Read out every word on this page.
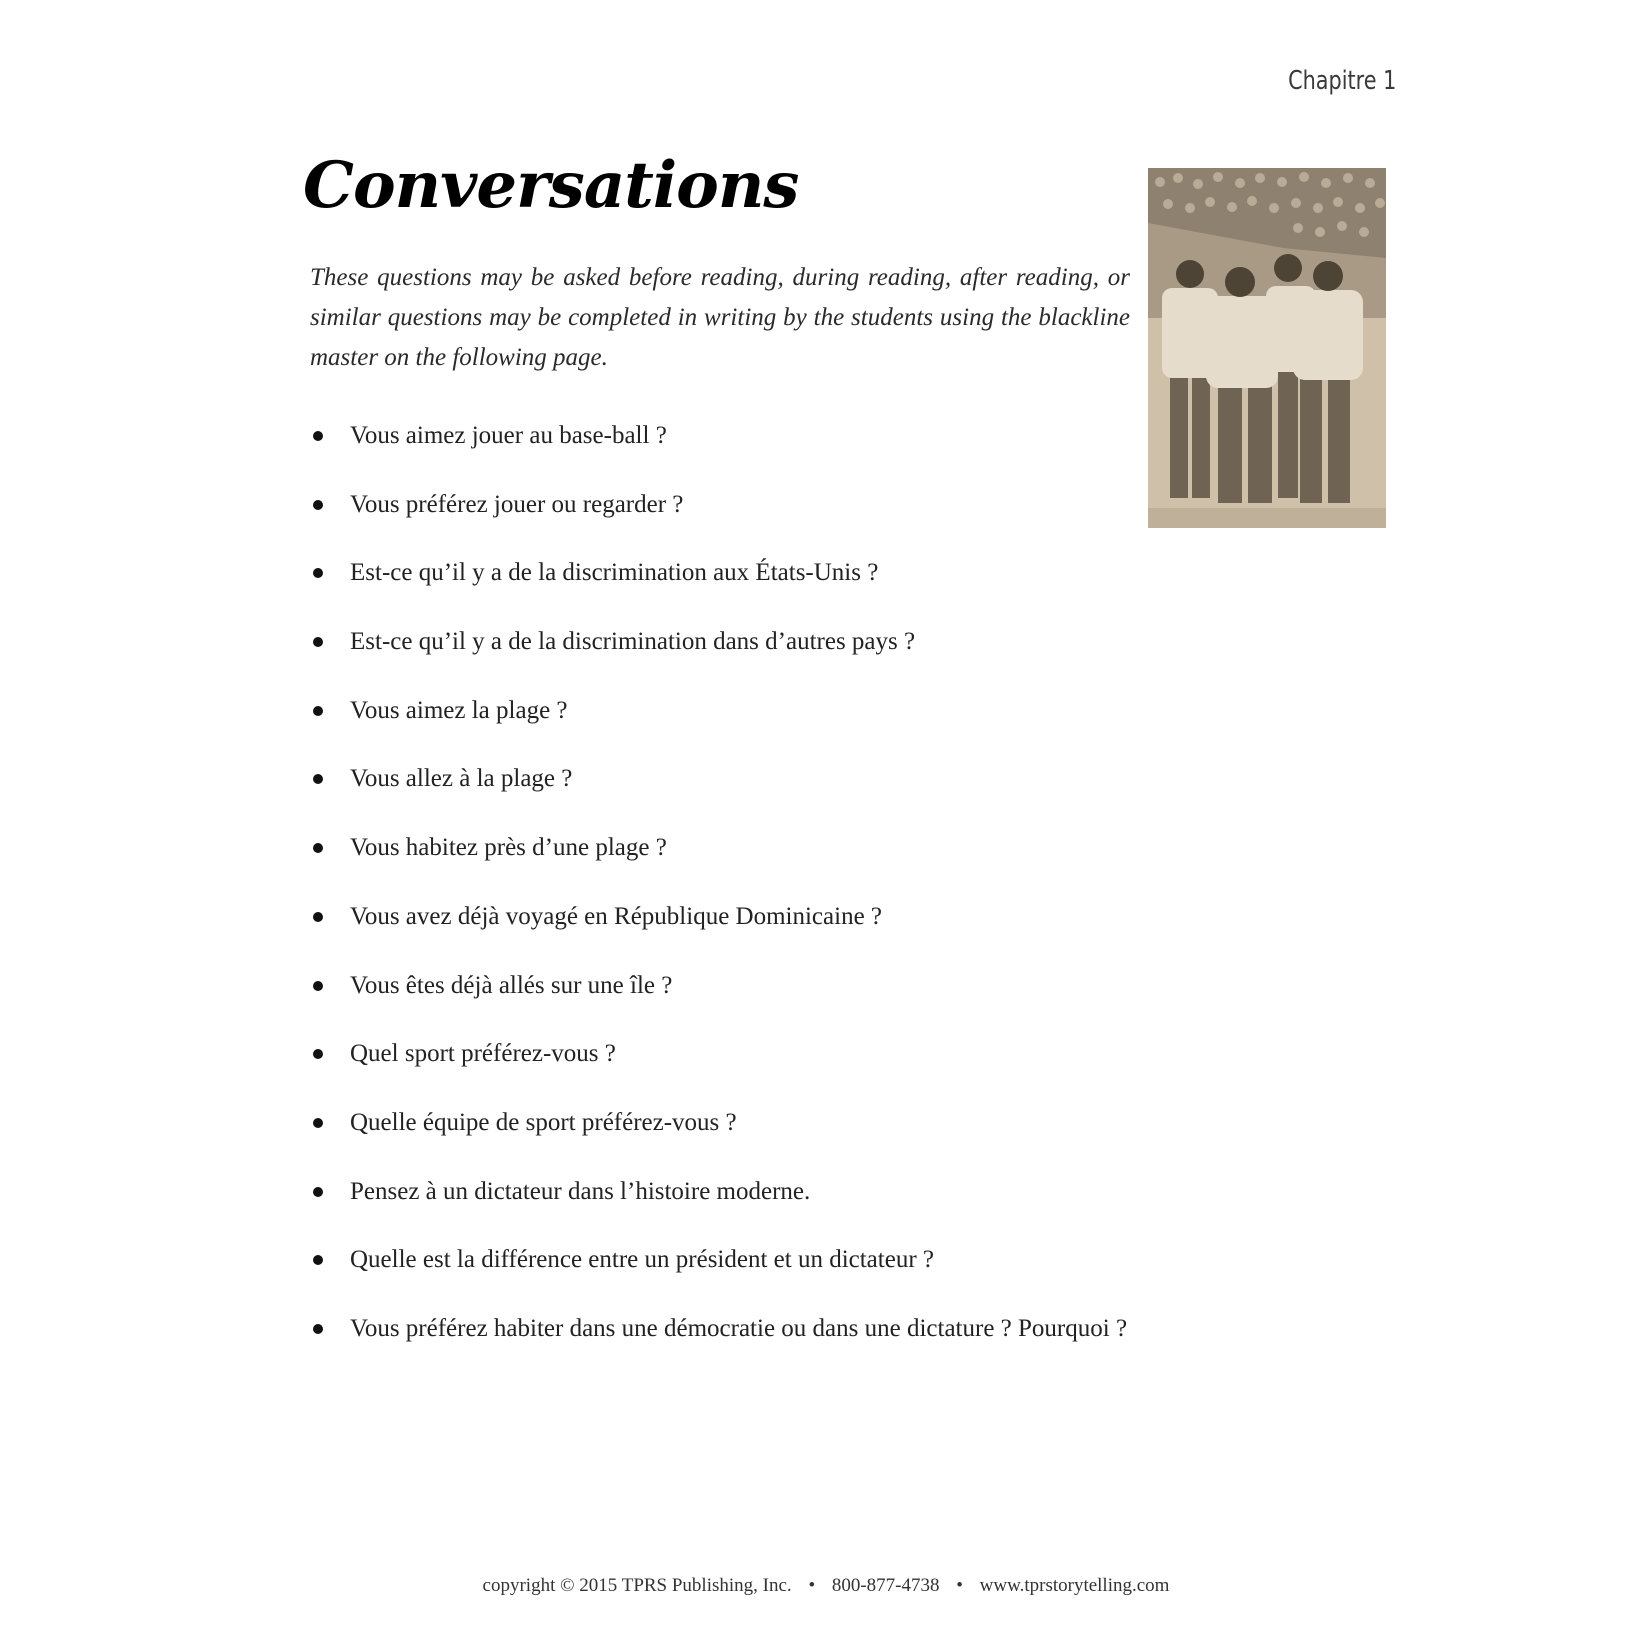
Chapitre 1
Conversations

These questions may be asked before reading, during reading, after reading, or similar questions may be completed in writing by the students using the blackline master on the following page.

Vous aimez jouer au base-ball ?
Vous préférez jouer ou regarder ?
Est-ce qu’il y a de la discrimination aux États-Unis ?
Est-ce qu’il y a de la discrimination dans d’autres pays ?
Vous aimez la plage ?
Vous allez à la plage ?
Vous habitez près d’une plage ?
Vous avez déjà voyagé en République Dominicaine ?
Vous êtes déjà allés sur une île ?
Quel sport préférez-vous ?
Quelle équipe de sport préférez-vous ?
Pensez à un dictateur dans l’histoire moderne.
Quelle est la différence entre un président et un dictateur ?
Vous préférez habiter dans une démocratie ou dans une dictature ? Pourquoi ?
copyright © 2015 TPRS Publishing, Inc. • 800-877-4738 • www.tprstorytelling.com
